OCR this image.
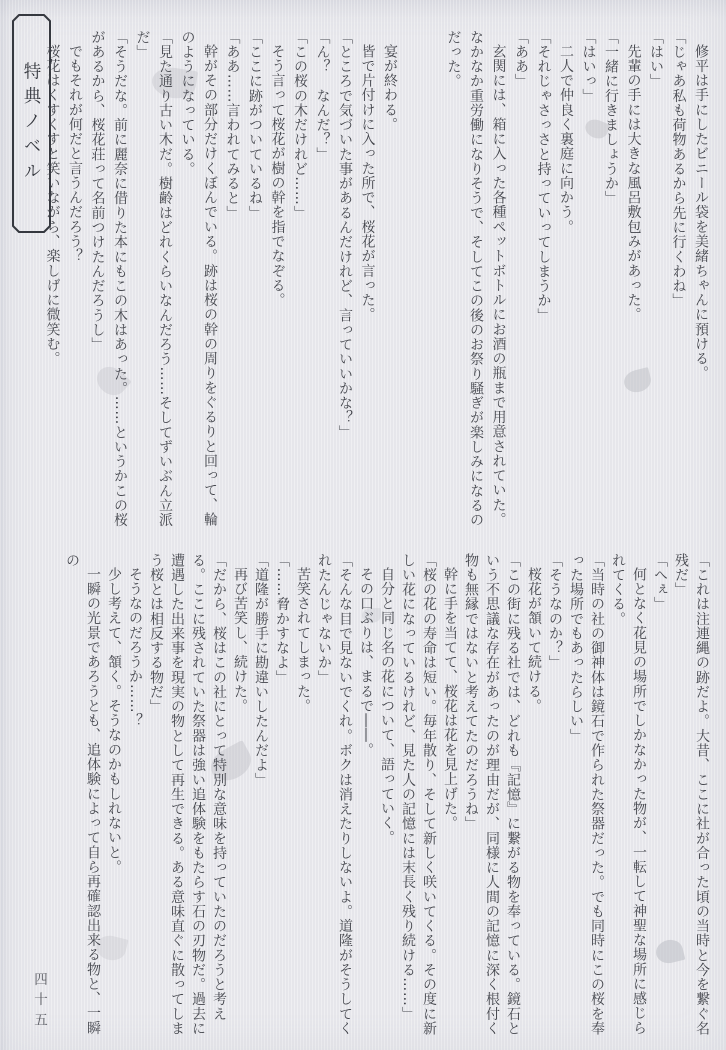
特典ノベル	修平は手にしたビニール袋を美緒ちゃんに預ける。

「じゃあ私も荷物あるから先に行くわね」

「はい」

先輩の手には大きな風呂敷包みがあった。

「一緒に行きましょうか」

「はいっ」

二人で仲良く裏庭に向かう。

「それじゃさっさと持っていってしまうか」

「ああ」

玄関には、箱に入った各種ペットボトルにお酒の瓶まで用意されていた。なかなか重労働になりそうで、そしてこの後のお祭り騒ぎが楽しみになるのだった。

宴が終わる。

皆で片付けに入った所で、桜花が言った。

「ところで気づいた事があるんだけれど、言っていいかな？」

「ん？　なんだ？」

「この桜の木だけれど……」

そう言って桜花が樹の幹を指でなぞる。

「ここに跡がついているね」

「ああ……言われてみると」

幹がその部分だけくぼんでいる。跡は桜の幹の周りをぐるりと回って、輪のようになっている。

「見た通り古い木だ。樹齢はどれくらいなんだろう……そしてずいぶん立派だ」

「そうだな。前に麗奈に借りた本にもこの木はあった。……というかこの桜があるから、桜花荘って名前つけたんだろうし」

でもそれが何だと言うんだろう？

桜花はくすくすと笑いながら、楽しげに微笑む。

「これは注連縄の跡だよ。大昔、ここに社が合った頃の当時と今を繋ぐ名残だ」

「へぇ」

何となく花見の場所でしかなかった物が、一転して神聖な場所に感じられてくる。

「当時の社の御神体は鏡石で作られた祭器だった。でも同時にこの桜を奉った場所でもあったらしい」

「そうなのか？」

桜花が頷いて続ける。

「この街に残る社では、どれも『記憶』に繋がる物を奉っている。鏡石という不思議な存在があったのが理由だが、同様に人間の記憶に深く根付く物も無縁ではないと考えてたのだろうね」

幹に手を当てて、桜花は花を見上げた。

「桜の花の寿命は短い。毎年散り、そして新しく咲いてくる。その度に新しい花になっているけれど、見た人の記憶には末長く残り続ける……」

自分と同じ名の花について、語っていく。

その口ぶりは、まるで――。

「そんな目で見ないでくれ。ボクは消えたりしないよ。道隆がそうしてくれたんじゃないか」

苦笑されてしまった。

「……脅かすなよ」

「道隆が勝手に勘違いしたんだよ」

再び苦笑し、続けた。

「だから、桜はこの社にとって特別な意味を持っていたのだろうと考える。ここに残されていた祭器は強い追体験をもたらす石の刃物だ。過去に遭遇した出来事を現実の物として再生できる。ある意味直ぐに散ってしまう桜とは相反する物だ」

そうなのだろうか……？

少し考えて、頷く。そうなのかもしれないと。

一瞬の光景であろうとも、追体験によって自ら再確認出来る物と、一瞬の

四十五
